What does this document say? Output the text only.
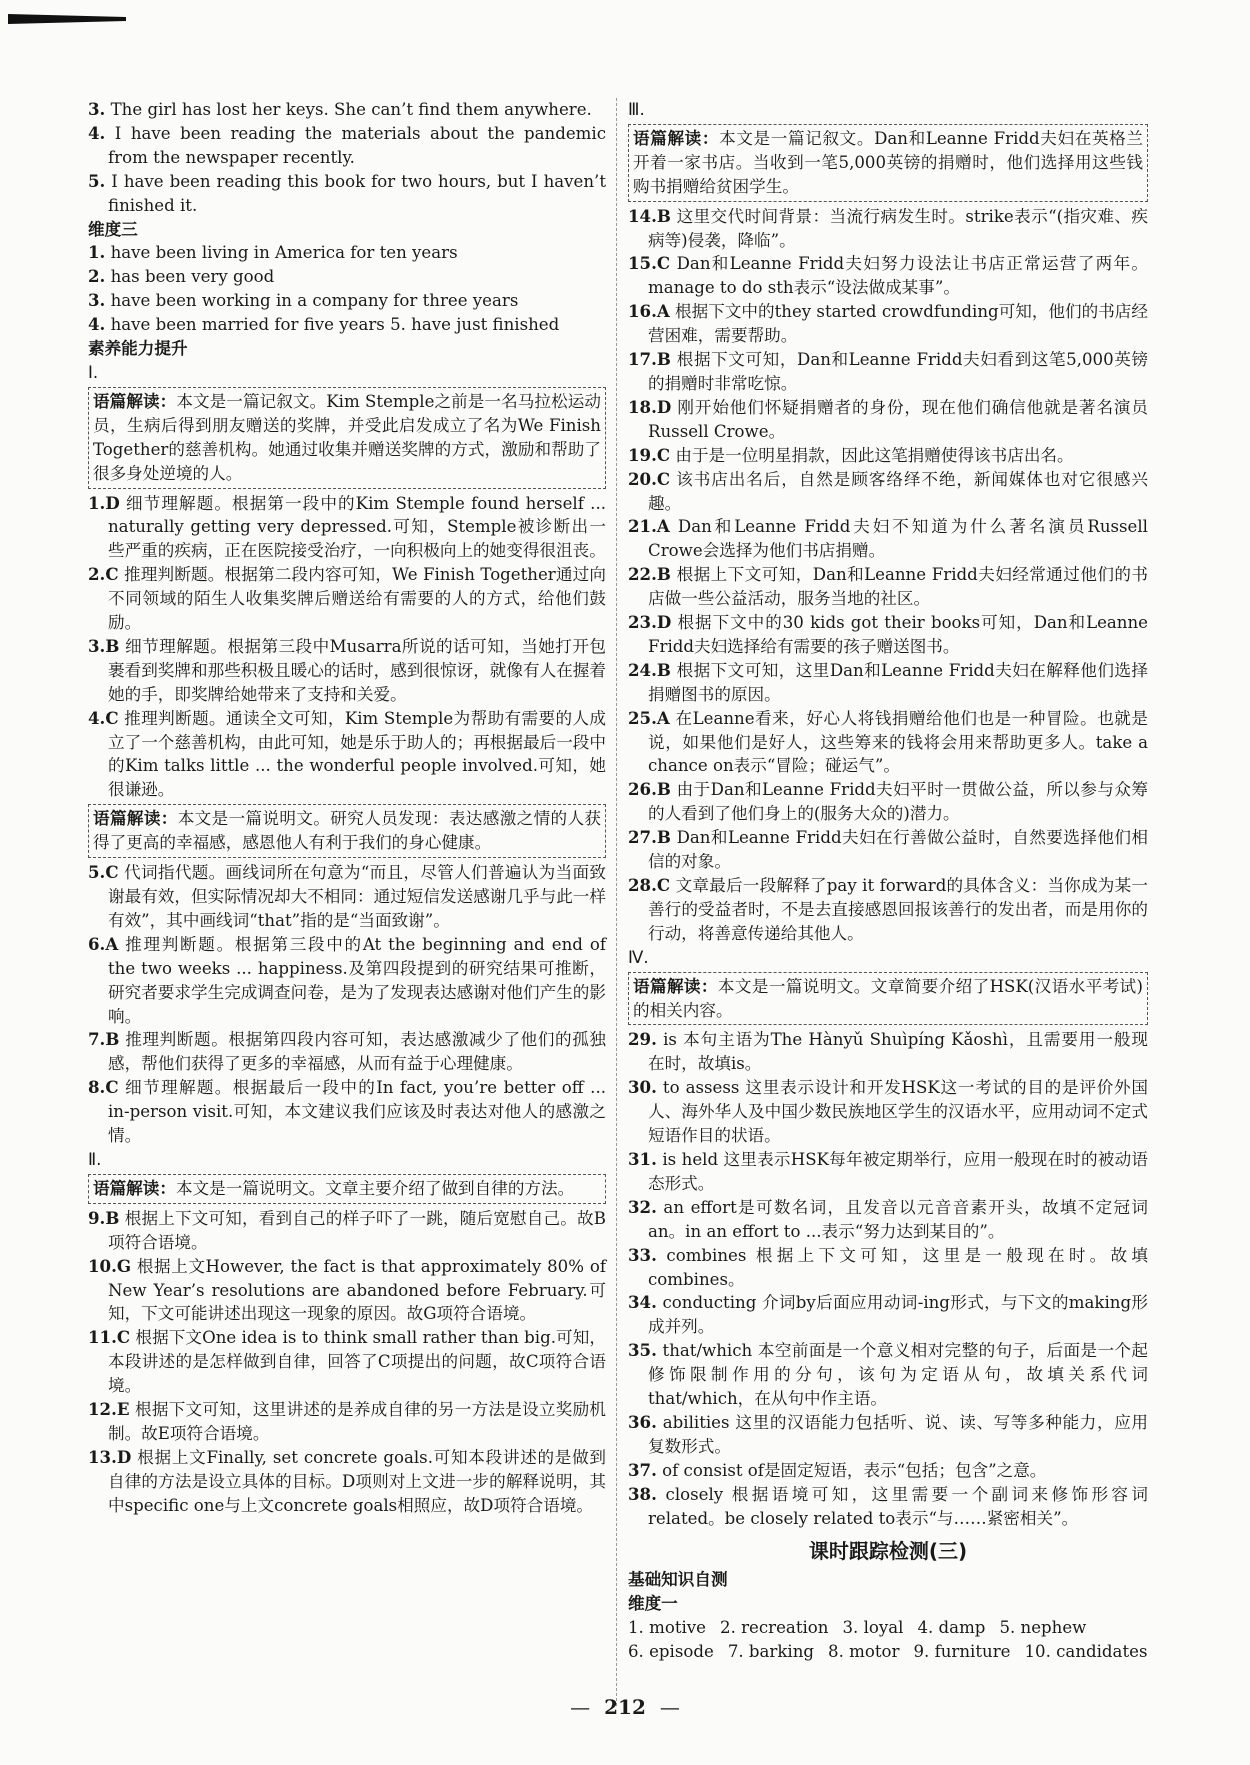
3. The girl has lost her keys. She can’t find them anywhere.

4. I have been reading the materials about the pandemic from the newspaper recently.

5. I have been reading this book for two hours, but I haven’t finished it.

维度三

1. have been living in America for ten years

2. has been very good

3. have been working in a company for three years

4. have been married for five years 5. have just finished

素养能力提升

Ⅰ.

语篇解读：本文是一篇记叙文。Kim Stemple之前是一名马拉松运动员，生病后得到朋友赠送的奖牌，并受此启发成立了名为We Finish Together的慈善机构。她通过收集并赠送奖牌的方式，激励和帮助了很多身处逆境的人。

1.D 细节理解题。根据第一段中的Kim Stemple found herself ... naturally getting very depressed.可知，Stemple被诊断出一些严重的疾病，正在医院接受治疗，一向积极向上的她变得很沮丧。

2.C 推理判断题。根据第二段内容可知，We Finish Together通过向不同领域的陌生人收集奖牌后赠送给有需要的人的方式，给他们鼓励。

3.B 细节理解题。根据第三段中Musarra所说的话可知，当她打开包裹看到奖牌和那些积极且暖心的话时，感到很惊讶，就像有人在握着她的手，即奖牌给她带来了支持和关爱。

4.C 推理判断题。通读全文可知，Kim Stemple为帮助有需要的人成立了一个慈善机构，由此可知，她是乐于助人的；再根据最后一段中的Kim talks little ... the wonderful people involved.可知，她很谦逊。

语篇解读：本文是一篇说明文。研究人员发现：表达感激之情的人获得了更高的幸福感，感恩他人有利于我们的身心健康。

5.C 代词指代题。画线词所在句意为“而且，尽管人们普遍认为当面致谢最有效，但实际情况却大不相同：通过短信发送感谢几乎与此一样有效”，其中画线词“that”指的是“当面致谢”。

6.A 推理判断题。根据第三段中的At the beginning and end of the two weeks ... happiness.及第四段提到的研究结果可推断，研究者要求学生完成调查问卷，是为了发现表达感谢对他们产生的影响。

7.B 推理判断题。根据第四段内容可知，表达感激减少了他们的孤独感，帮他们获得了更多的幸福感，从而有益于心理健康。

8.C 细节理解题。根据最后一段中的In fact, you’re better off ... in-person visit.可知，本文建议我们应该及时表达对他人的感激之情。

Ⅱ.

语篇解读：本文是一篇说明文。文章主要介绍了做到自律的方法。

9.B 根据上下文可知，看到自己的样子吓了一跳，随后宽慰自己。故B项符合语境。

10.G 根据上文However, the fact is that approximately 80% of New Year’s resolutions are abandoned before February.可知，下文可能讲述出现这一现象的原因。故G项符合语境。

11.C 根据下文One idea is to think small rather than big.可知，本段讲述的是怎样做到自律，回答了C项提出的问题，故C项符合语境。

12.E 根据下文可知，这里讲述的是养成自律的另一方法是设立奖励机制。故E项符合语境。

13.D 根据上文Finally, set concrete goals.可知本段讲述的是做到自律的方法是设立具体的目标。D项则对上文进一步的解释说明，其中specific one与上文concrete goals相照应，故D项符合语境。

Ⅲ.

语篇解读：本文是一篇记叙文。Dan和Leanne Fridd夫妇在英格兰开着一家书店。当收到一笔5,000英镑的捐赠时，他们选择用这些钱购书捐赠给贫困学生。

14.B 这里交代时间背景：当流行病发生时。strike表示“(指灾难、疾病等)侵袭，降临”。

15.C Dan和Leanne Fridd夫妇努力设法让书店正常运营了两年。manage to do sth表示“设法做成某事”。

16.A 根据下文中的they started crowdfunding可知，他们的书店经营困难，需要帮助。

17.B 根据下文可知，Dan和Leanne Fridd夫妇看到这笔5,000英镑的捐赠时非常吃惊。

18.D 刚开始他们怀疑捐赠者的身份，现在他们确信他就是著名演员Russell Crowe。

19.C 由于是一位明星捐款，因此这笔捐赠使得该书店出名。

20.C 该书店出名后，自然是顾客络绎不绝，新闻媒体也对它很感兴趣。

21.A Dan和Leanne Fridd夫妇不知道为什么著名演员Russell Crowe会选择为他们书店捐赠。

22.B 根据上下文可知，Dan和Leanne Fridd夫妇经常通过他们的书店做一些公益活动，服务当地的社区。

23.D 根据下文中的30 kids got their books可知，Dan和Leanne Fridd夫妇选择给有需要的孩子赠送图书。

24.B 根据下文可知，这里Dan和Leanne Fridd夫妇在解释他们选择捐赠图书的原因。

25.A 在Leanne看来，好心人将钱捐赠给他们也是一种冒险。也就是说，如果他们是好人，这些筹来的钱将会用来帮助更多人。take a chance on表示“冒险；碰运气”。

26.B 由于Dan和Leanne Fridd夫妇平时一贯做公益，所以参与众筹的人看到了他们身上的(服务大众的)潜力。

27.B Dan和Leanne Fridd夫妇在行善做公益时，自然要选择他们相信的对象。

28.C 文章最后一段解释了pay it forward的具体含义：当你成为某一善行的受益者时，不是去直接感恩回报该善行的发出者，而是用你的行动，将善意传递给其他人。

Ⅳ.

语篇解读：本文是一篇说明文。文章简要介绍了HSK(汉语水平考试)的相关内容。

29. is 本句主语为The Hànyǔ Shuìpíng Kǎoshì，且需要用一般现在时，故填is。

30. to assess 这里表示设计和开发HSK这一考试的目的是评价外国人、海外华人及中国少数民族地区学生的汉语水平，应用动词不定式短语作目的状语。

31. is held 这里表示HSK每年被定期举行，应用一般现在时的被动语态形式。

32. an effort是可数名词，且发音以元音音素开头，故填不定冠词an。in an effort to ...表示“努力达到某目的”。

33. combines 根据上下文可知，这里是一般现在时。故填combines。

34. conducting 介词by后面应用动词-ing形式，与下文的making形成并列。

35. that/which 本空前面是一个意义相对完整的句子，后面是一个起修饰限制作用的分句，该句为定语从句，故填关系代词that/which，在从句中作主语。

36. abilities 这里的汉语能力包括听、说、读、写等多种能力，应用复数形式。

37. of consist of是固定短语，表示“包括；包含”之意。

38. closely 根据语境可知，这里需要一个副词来修饰形容词related。be closely related to表示“与……紧密相关”。

课时跟踪检测(三)

基础知识自测

维度一

1. motive 2. recreation 3. loyal 4. damp 5. nephew
6. episode 7. barking 8. motor 9. furniture 10. candidates
— 212 —
